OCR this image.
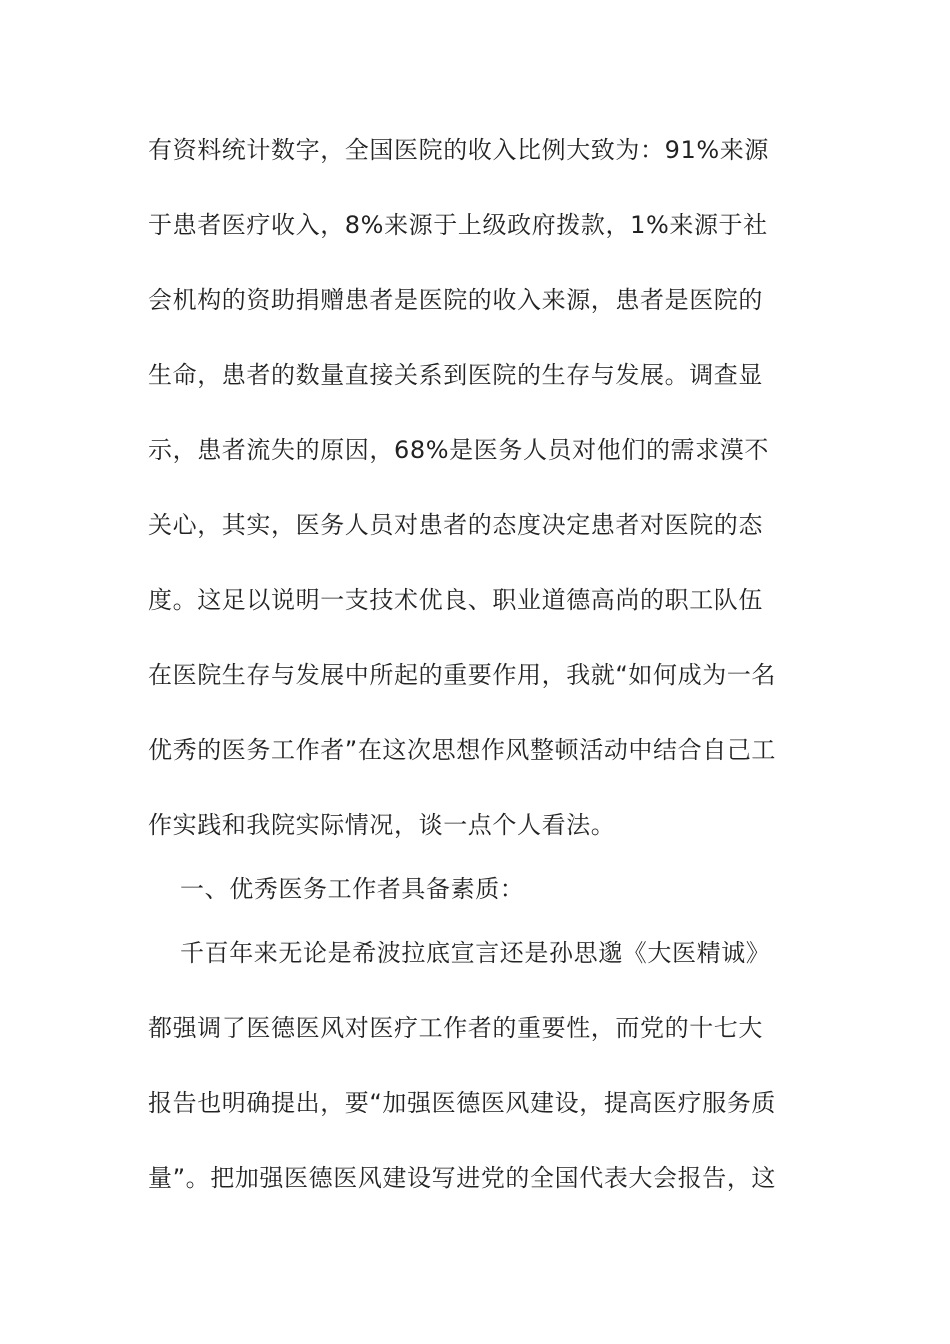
有资料统计数字，全国医院的收入比例大致为：91%来源
于患者医疗收入，8%来源于上级政府拨款，1%来源于社
会机构的资助捐赠患者是医院的收入来源，患者是医院的
生命，患者的数量直接关系到医院的生存与发展。调查显
示，患者流失的原因，68%是医务人员对他们的需求漠不
关心，其实，医务人员对患者的态度决定患者对医院的态
度。这足以说明一支技术优良、职业道德高尚的职工队伍
在医院生存与发展中所起的重要作用，我就“如何成为一名
优秀的医务工作者”在这次思想作风整顿活动中结合自己工
作实践和我院实际情况，谈一点个人看法。
一、优秀医务工作者具备素质：
千百年来无论是希波拉底宣言还是孙思邈《大医精诚》
都强调了医德医风对医疗工作者的重要性，而党的十七大
报告也明确提出，要“加强医德医风建设，提高医疗服务质
量”。把加强医德医风建设写进党的全国代表大会报告，这
